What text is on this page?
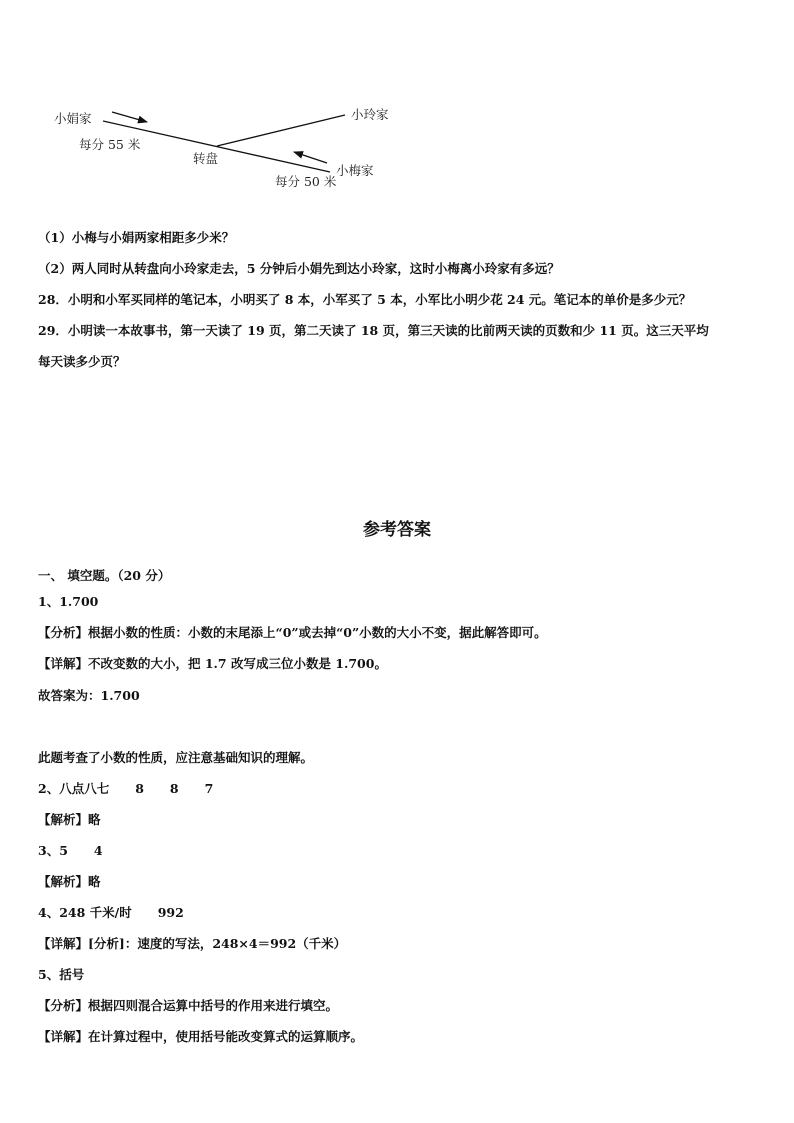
小娟家	小玲家
小梅家
转盘
每分 55 米
每分 50 米
（1）小梅与小娟两家相距多少米？
（2）两人同时从转盘向小玲家走去，5 分钟后小娟先到达小玲家，这时小梅离小玲家有多远？
28．小明和小军买同样的笔记本，小明买了 8 本，小军买了 5 本，小军比小明少花 24 元。笔记本的单价是多少元？
29．小明读一本故事书，第一天读了 19 页，第二天读了 18 页，第三天读的比前两天读的页数和少 11 页。这三天平均
每天读多少页？
参考答案
一、 填空题。（20 分）
1、1.700
【分析】根据小数的性质：小数的末尾添上“0”或去掉“0”小数的大小不变，据此解答即可。
【详解】不改变数的大小，把 1.7 改写成三位小数是 1.700。
故答案为：1.700
此题考查了小数的性质，应注意基础知识的理解。
2、八点八七 8 8 7
【解析】略
3、5 4
【解析】略
4、248 千米/时 992
【详解】[分析]：速度的写法，248×4＝992（千米）
5、括号
【分析】根据四则混合运算中括号的作用来进行填空。
【详解】在计算过程中，使用括号能改变算式的运算顺序。
